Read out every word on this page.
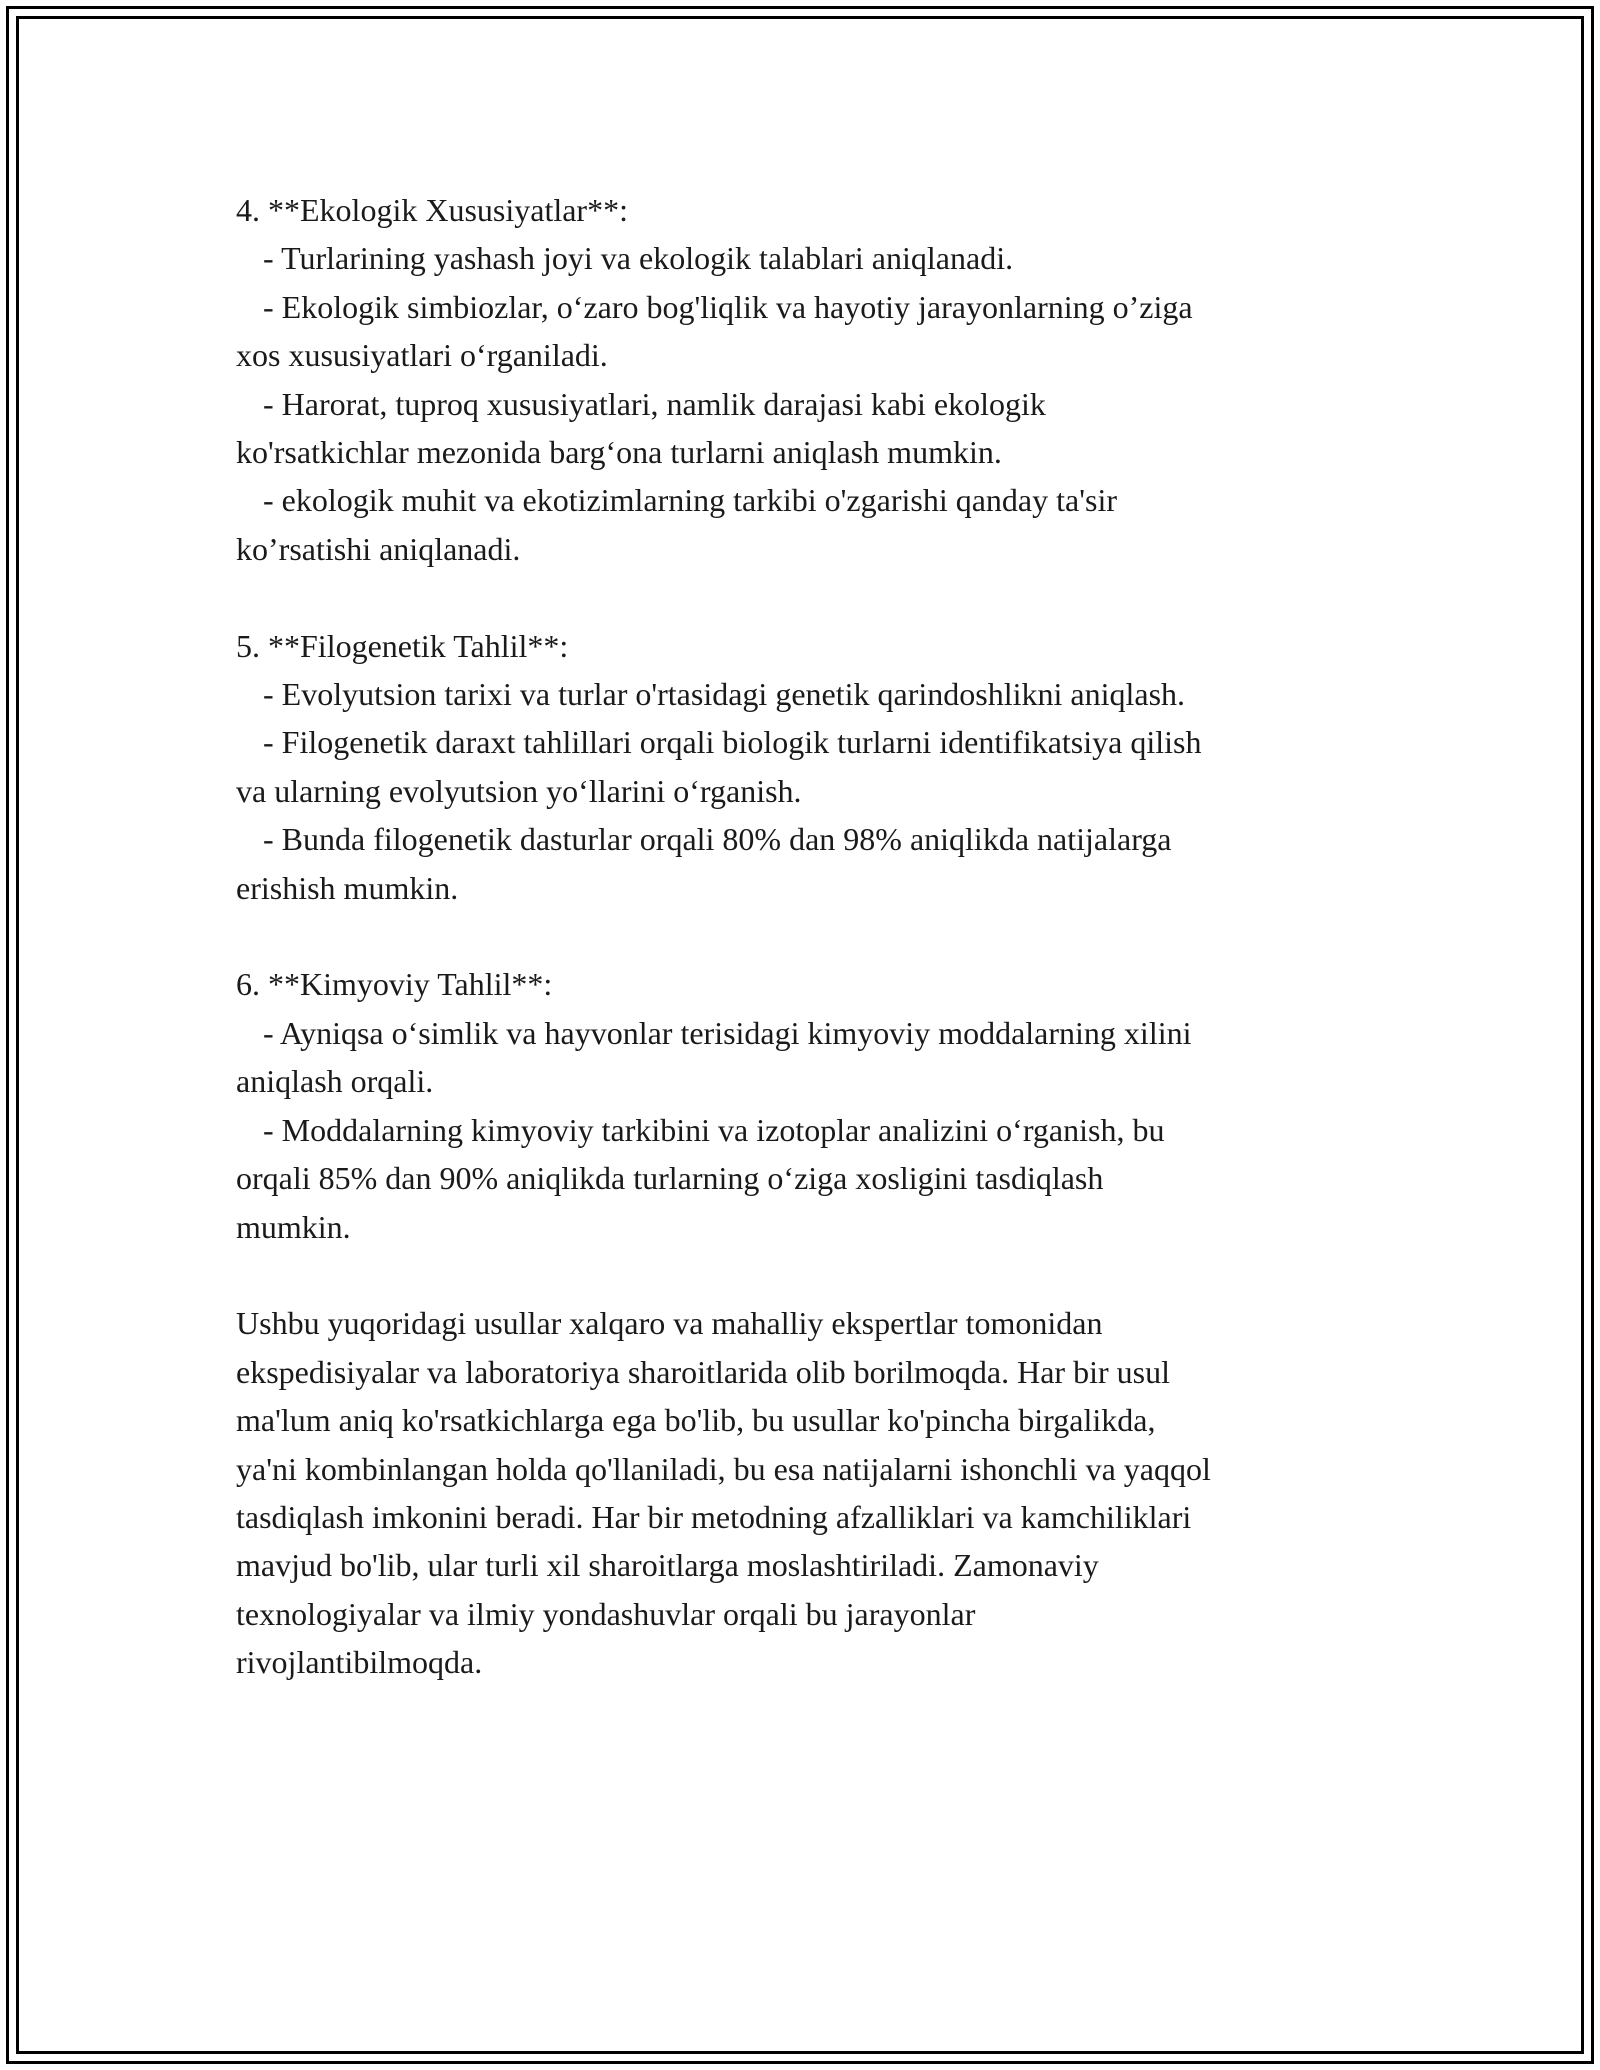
4. **Ekologik Xususiyatlar**:
- Turlarining yashash joyi va ekologik talablari aniqlanadi.
- Ekologik simbiozlar, o‘zaro bog'liqlik va hayotiy jarayonlarning o’ziga
xos xususiyatlari o‘rganiladi.
- Harorat, tuproq xususiyatlari, namlik darajasi kabi ekologik
ko'rsatkichlar mezonida barg‘ona turlarni aniqlash mumkin.
- ekologik muhit va ekotizimlarning tarkibi o'zgarishi qanday ta'sir
ko’rsatishi aniqlanadi.
5. **Filogenetik Tahlil**:
- Evolyutsion tarixi va turlar o'rtasidagi genetik qarindoshlikni aniqlash.
- Filogenetik daraxt tahlillari orqali biologik turlarni identifikatsiya qilish
va ularning evolyutsion yo‘llarini o‘rganish.
- Bunda filogenetik dasturlar orqali 80% dan 98% aniqlikda natijalarga
erishish mumkin.
6. **Kimyoviy Tahlil**:
- Ayniqsa o‘simlik va hayvonlar terisidagi kimyoviy moddalarning xilini
aniqlash orqali.
- Moddalarning kimyoviy tarkibini va izotoplar analizini o‘rganish, bu
orqali 85% dan 90% aniqlikda turlarning o‘ziga xosligini tasdiqlash
mumkin.
Ushbu yuqoridagi usullar xalqaro va mahalliy ekspertlar tomonidan
ekspedisiyalar va laboratoriya sharoitlarida olib borilmoqda. Har bir usul
ma'lum aniq ko'rsatkichlarga ega bo'lib, bu usullar ko'pincha birgalikda,
ya'ni kombinlangan holda qo'llaniladi, bu esa natijalarni ishonchli va yaqqol
tasdiqlash imkonini beradi. Har bir metodning afzalliklari va kamchiliklari
mavjud bo'lib, ular turli xil sharoitlarga moslashtiriladi. Zamonaviy
texnologiyalar va ilmiy yondashuvlar orqali bu jarayonlar
rivojlantibilmoqda.
